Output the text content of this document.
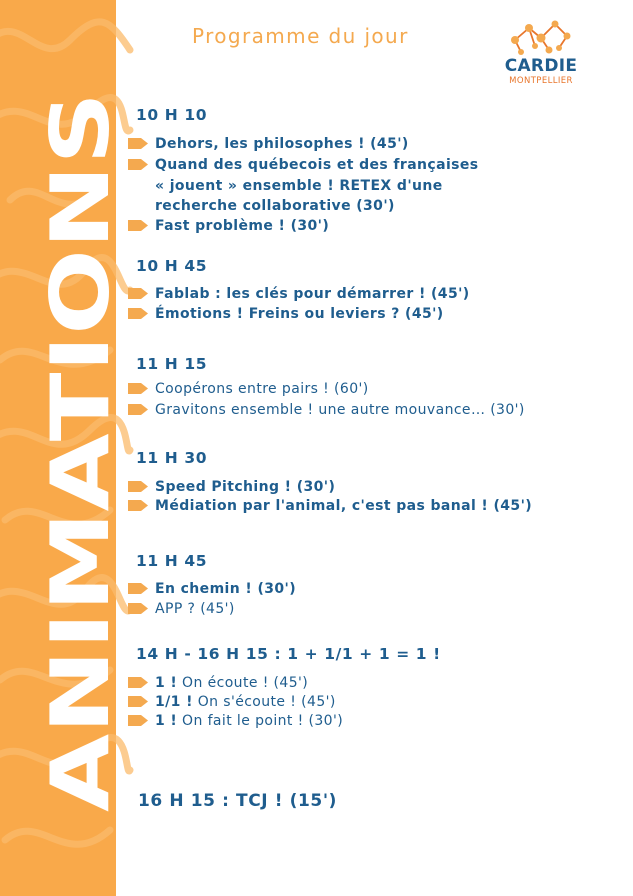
ANIMATIONS
Programme du jour
CARDIE
MONTPELLIER
10 H 10
Dehors, les philosophes ! (45')
Quand des québecois et des françaises
« jouent » ensemble ! RETEX d'une
recherche collaborative (30')
Fast problème ! (30')
10 H 45
Fablab : les clés pour démarrer ! (45')
Émotions ! Freins ou leviers ? (45')
11 H 15
Coopérons entre pairs ! (60')
Gravitons ensemble ! une autre mouvance… (30')
11 H 30
Speed Pitching ! (30')
Médiation par l'animal, c'est pas banal ! (45')
11 H 45
En chemin ! (30')
APP ? (45')
14 H - 16 H 15 : 1 + 1/1 + 1 = 1 !
1 ! On écoute ! (45')
1/1 ! On s'écoute ! (45')
1 ! On fait le point ! (30')
16 H 15 : TCJ ! (15')
